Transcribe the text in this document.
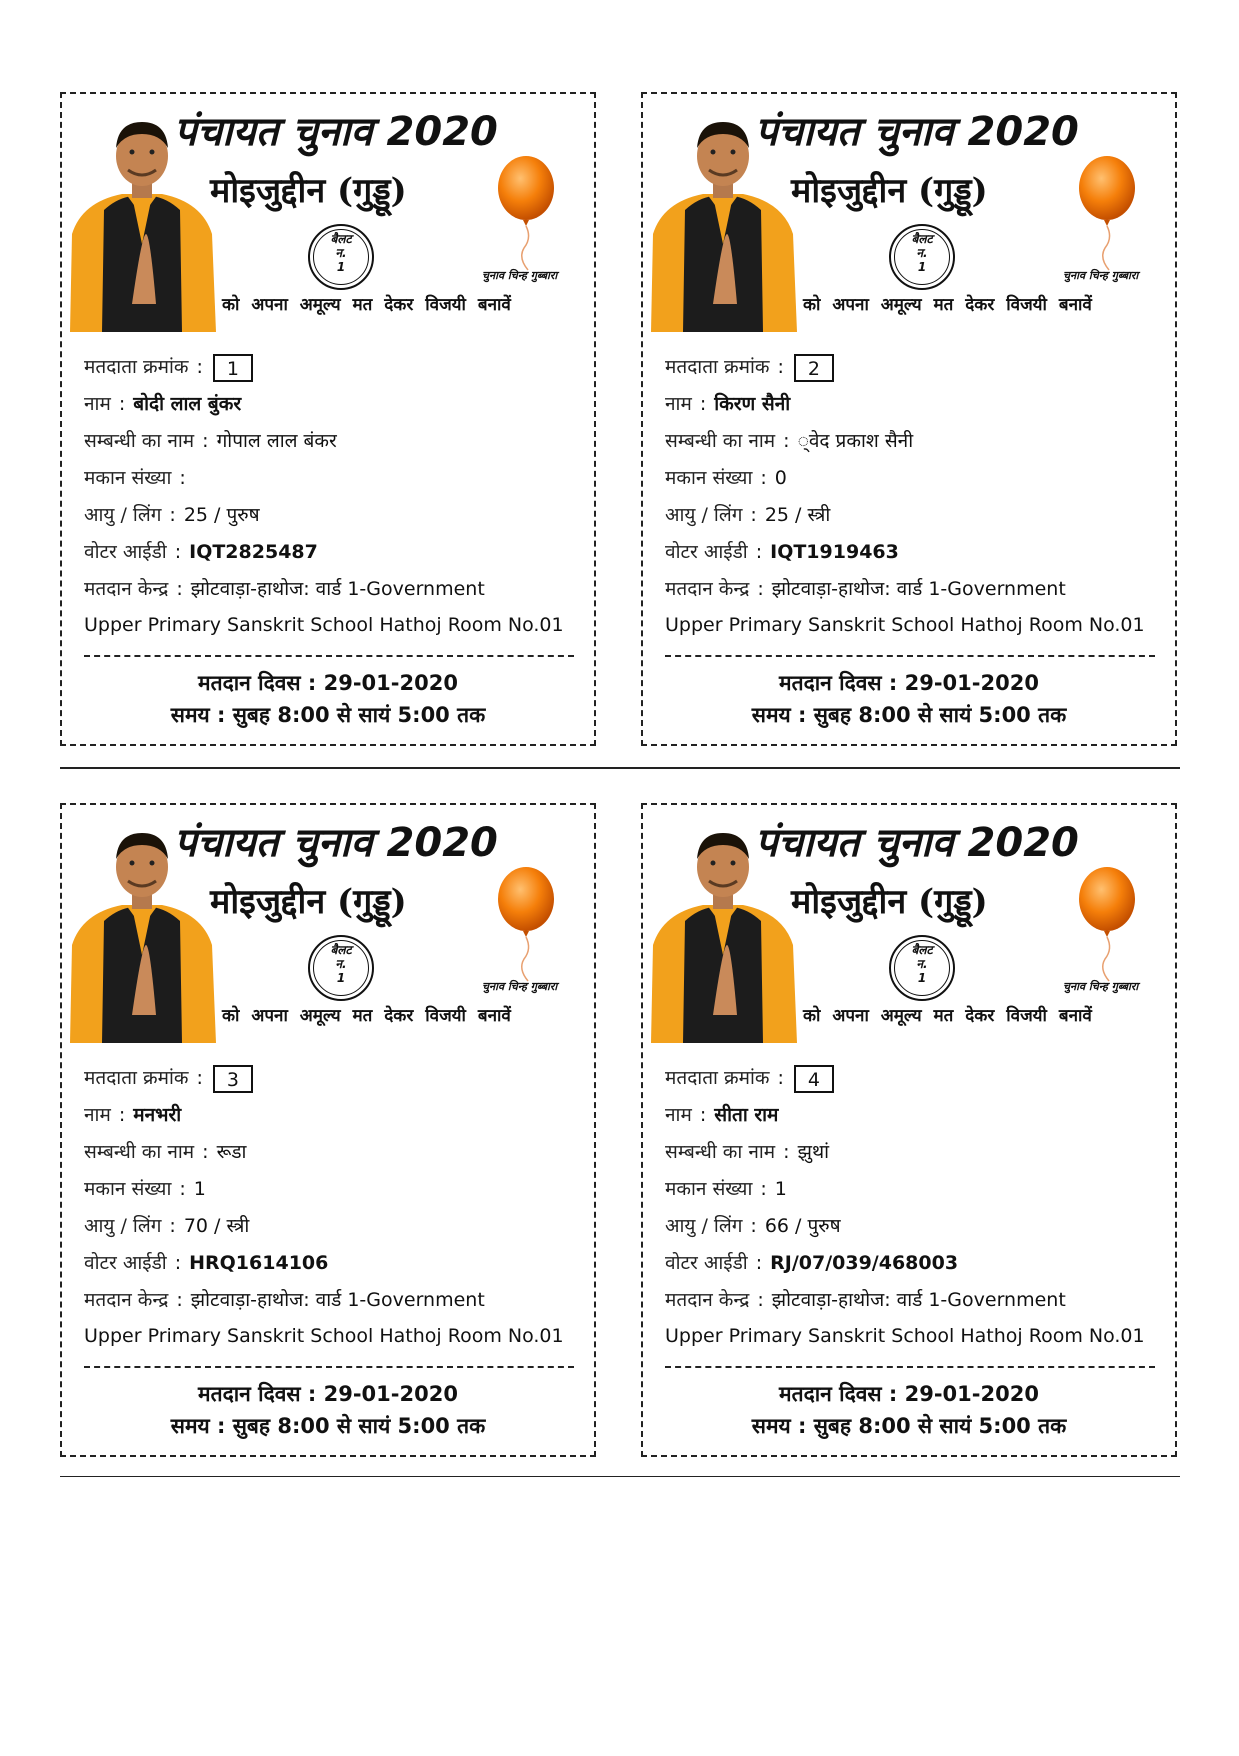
पंचायत चुनाव 2020
मोइजुद्दीन (गुड्डू)
बैलट
न.
1
चुनाव चिन्ह गुब्बारा
को अपना अमूल्य मत देकर विजयी बनावें
मतदाता क्रमांक : 1
नाम : बोदी लाल बुंकर
सम्बन्धी का नाम : गोपाल लाल बंकर
मकान संख्या :
आयु / लिंग : 25 / पुरुष
वोटर आईडी : IQT2825487
मतदान केन्द्र : झोटवाड़ा-हाथोज: वार्ड 1-Government
Upper Primary Sanskrit School Hathoj Room No.01
मतदान दिवस : 29-01-2020
समय : सुबह 8:00 से सायं 5:00 तक
पंचायत चुनाव 2020
मोइजुद्दीन (गुड्डू)
बैलट
न.
1
चुनाव चिन्ह गुब्बारा
को अपना अमूल्य मत देकर विजयी बनावें
मतदाता क्रमांक : 2
नाम : किरण सैनी
सम्बन्धी का नाम : ्वेद प्रकाश सैनी
मकान संख्या : 0
आयु / लिंग : 25 / स्त्री
वोटर आईडी : IQT1919463
मतदान केन्द्र : झोटवाड़ा-हाथोज: वार्ड 1-Government
Upper Primary Sanskrit School Hathoj Room No.01
मतदान दिवस : 29-01-2020
समय : सुबह 8:00 से सायं 5:00 तक
पंचायत चुनाव 2020
मोइजुद्दीन (गुड्डू)
बैलट
न.
1
चुनाव चिन्ह गुब्बारा
को अपना अमूल्य मत देकर विजयी बनावें
मतदाता क्रमांक : 3
नाम : मनभरी
सम्बन्धी का नाम : रूडा
मकान संख्या : 1
आयु / लिंग : 70 / स्त्री
वोटर आईडी : HRQ1614106
मतदान केन्द्र : झोटवाड़ा-हाथोज: वार्ड 1-Government
Upper Primary Sanskrit School Hathoj Room No.01
मतदान दिवस : 29-01-2020
समय : सुबह 8:00 से सायं 5:00 तक
पंचायत चुनाव 2020
मोइजुद्दीन (गुड्डू)
बैलट
न.
1
चुनाव चिन्ह गुब्बारा
को अपना अमूल्य मत देकर विजयी बनावें
मतदाता क्रमांक : 4
नाम : सीता राम
सम्बन्धी का नाम : झुथां
मकान संख्या : 1
आयु / लिंग : 66 / पुरुष
वोटर आईडी : RJ/07/039/468003
मतदान केन्द्र : झोटवाड़ा-हाथोज: वार्ड 1-Government
Upper Primary Sanskrit School Hathoj Room No.01
मतदान दिवस : 29-01-2020
समय : सुबह 8:00 से सायं 5:00 तक
